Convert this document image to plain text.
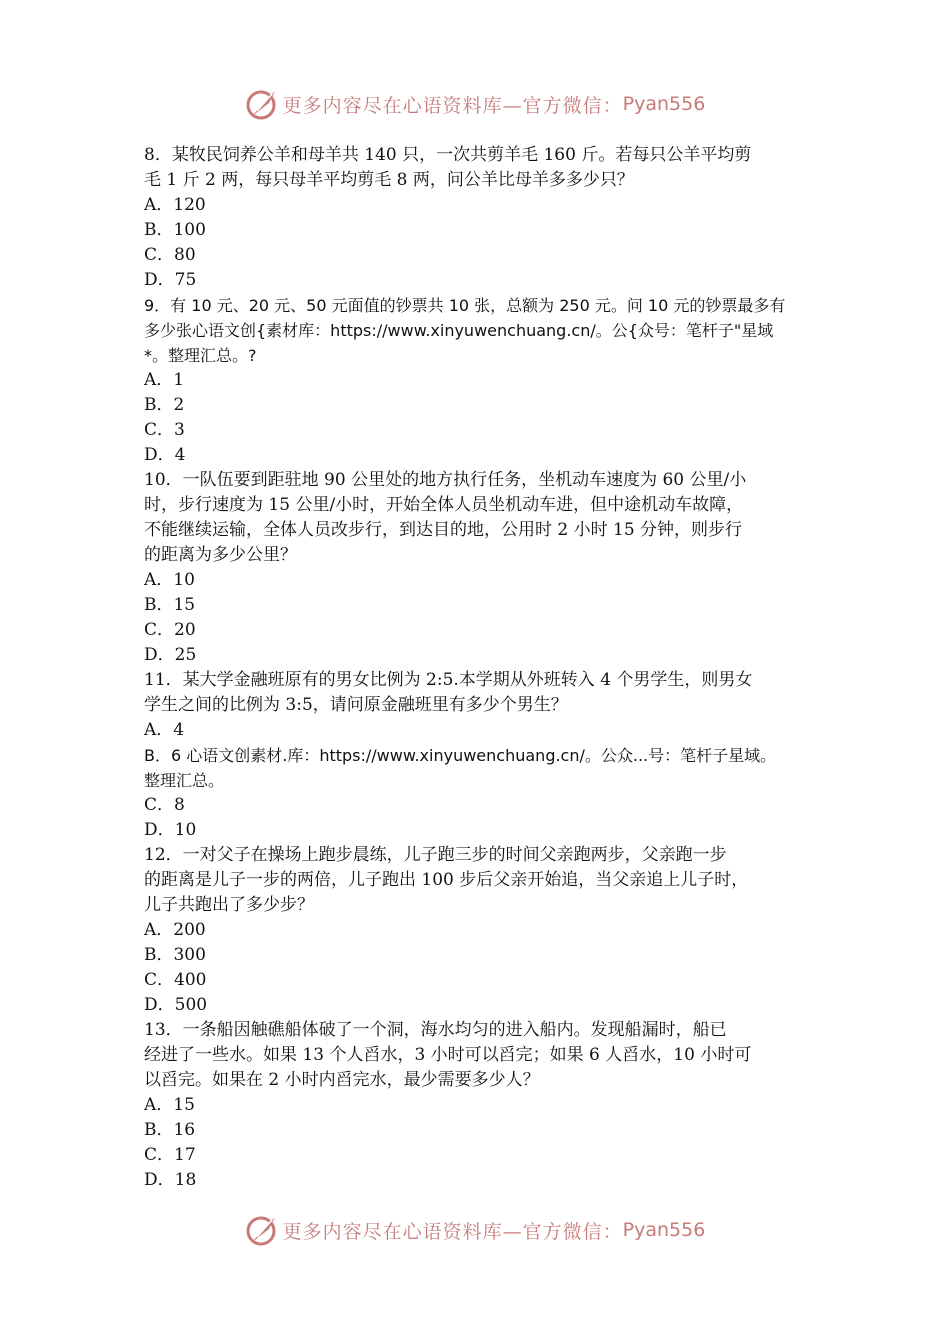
更多内容尽在心语资料库—官方微信： Pyan556
8．某牧民饲养公羊和母羊共 140 只，一次共剪羊毛 160 斤。若每只公羊平均剪
毛 1 斤 2 两，每只母羊平均剪毛 8 两，问公羊比母羊多多少只？
A．120
B．100
C．80
D．75
9．有 10 元、20 元、50 元面值的钞票共 10 张，总额为 250 元。问 10 元的钞票最多有
多少张心语文创{素材库：https://www.xinyuwenchuang.cn/。公{众号：笔杆子"星域
*。整理汇总。?
A．1
B．2
C．3
D．4
10．一队伍要到距驻地 90 公里处的地方执行任务，坐机动车速度为 60 公里/小
时，步行速度为 15 公里/小时，开始全体人员坐机动车进，但中途机动车故障，
不能继续运输，全体人员改步行，到达目的地，公用时 2 小时 15 分钟，则步行
的距离为多少公里？
A．10
B．15
C．20
D．25
11．某大学金融班原有的男女比例为 2:5.本学期从外班转入 4 个男学生，则男女
学生之间的比例为 3:5，请问原金融班里有多少个男生？
A．4
B．6 心语文创素材.库：https://www.xinyuwenchuang.cn/。公众...号：笔杆子星域。
整理汇总。
C．8
D．10
12．一对父子在操场上跑步晨练，儿子跑三步的时间父亲跑两步，父亲跑一步
的距离是儿子一步的两倍，儿子跑出 100 步后父亲开始追，当父亲追上儿子时，
儿子共跑出了多少步？
A．200
B．300
C．400
D．500
13．一条船因触礁船体破了一个洞，海水均匀的进入船内。发现船漏时，船已
经进了一些水。如果 13 个人舀水，3 小时可以舀完；如果 6 人舀水，10 小时可
以舀完。如果在 2 小时内舀完水，最少需要多少人？
A．15
B．16
C．17
D．18
更多内容尽在心语资料库—官方微信： Pyan556
